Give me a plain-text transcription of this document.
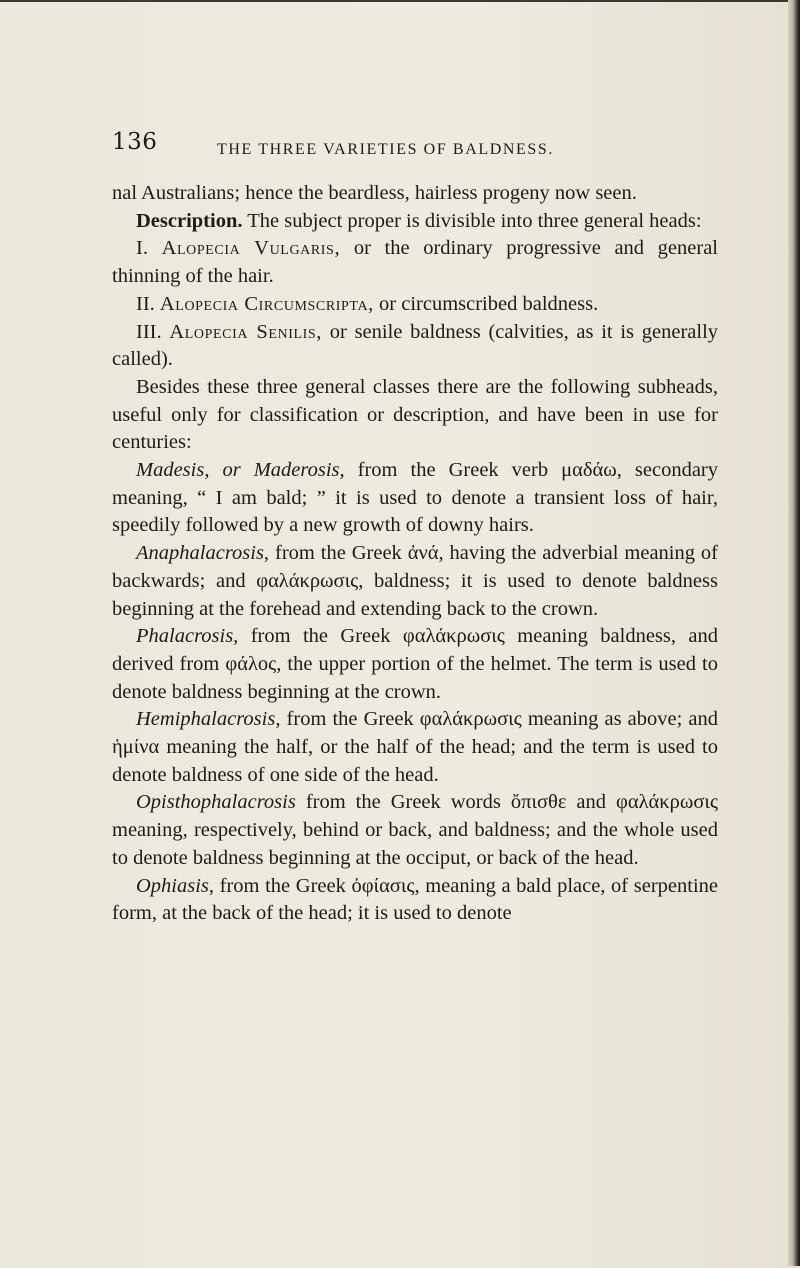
136	THE THREE VARIETIES OF BALDNESS.

nal Australians; hence the beardless, hairless progeny now seen.

Description. The subject proper is divisible into three general heads:

I. Alopecia Vulgaris, or the ordinary progressive and general thinning of the hair.

II. Alopecia Circumscripta, or circumscribed baldness.

III. Alopecia Senilis, or senile baldness (calvities, as it is generally called).

Besides these three general classes there are the following subheads, useful only for classification or description, and have been in use for centuries:

Madesis, or Maderosis, from the Greek verb μαδάω, secondary meaning, “ I am bald; ” it is used to denote a transient loss of hair, speedily followed by a new growth of downy hairs.

Anaphalacrosis, from the Greek ἀνά, having the adverbial meaning of backwards; and φαλάκρωσις, baldness; it is used to denote baldness beginning at the forehead and extending back to the crown.

Phalacrosis, from the Greek φαλάκρωσις meaning baldness, and derived from φάλος, the upper portion of the helmet. The term is used to denote baldness beginning at the crown.

Hemiphalacrosis, from the Greek φαλάκρωσις meaning as above; and ἡμίνα meaning the half, or the half of the head; and the term is used to denote baldness of one side of the head.

Opisthophalacrosis from the Greek words ὄπισθε and φαλάκρωσις meaning, respectively, behind or back, and baldness; and the whole used to denote baldness beginning at the occiput, or back of the head.

Ophiasis, from the Greek ὀφίασις, meaning a bald place, of serpentine form, at the back of the head; it is used to denote
